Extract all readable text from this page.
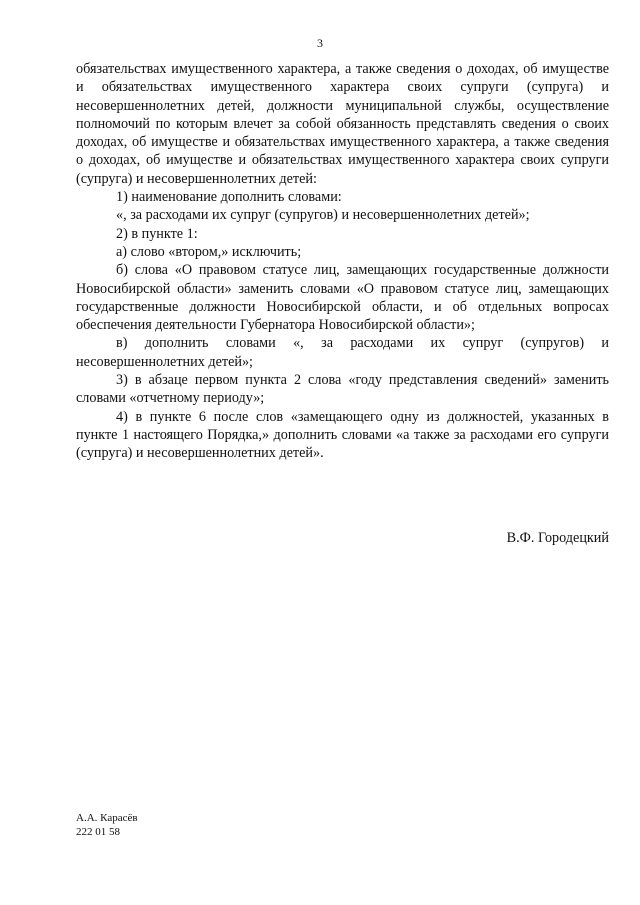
3

обязательствах имущественного характера, а также сведения о доходах, об имуществе и обязательствах имущественного характера своих супруги (супруга) и несовершеннолетних детей, должности муниципальной службы, осуществление полномочий по которым влечет за собой обязанность представлять сведения о своих доходах, об имуществе и обязательствах имущественного характера, а также сведения о доходах, об имуществе и обязательствах имущественного характера своих супруги (супруга) и несовершеннолетних детей:

1) наименование дополнить словами:

«, за расходами их супруг (супругов) и несовершеннолетних детей»;

2) в пункте 1:

а) слово «втором,» исключить;

б) слова «О правовом статусе лиц, замещающих государственные должности Новосибирской области» заменить словами «О правовом статусе лиц, замещающих государственные должности Новосибирской области, и об отдельных вопросах обеспечения деятельности Губернатора Новосибирской области»;

в) дополнить словами «, за расходами их супруг (супругов) и несовершеннолетних детей»;

3) в абзаце первом пункта 2 слова «году представления сведений» заменить словами «отчетному периоду»;

4) в пункте 6 после слов «замещающего одну из должностей, указанных в пункте 1 настоящего Порядка,» дополнить словами «а также за расходами его супруги (супруга) и несовершеннолетних детей».

В.Ф. Городецкий
А.А. Карасёв
222 01 58
